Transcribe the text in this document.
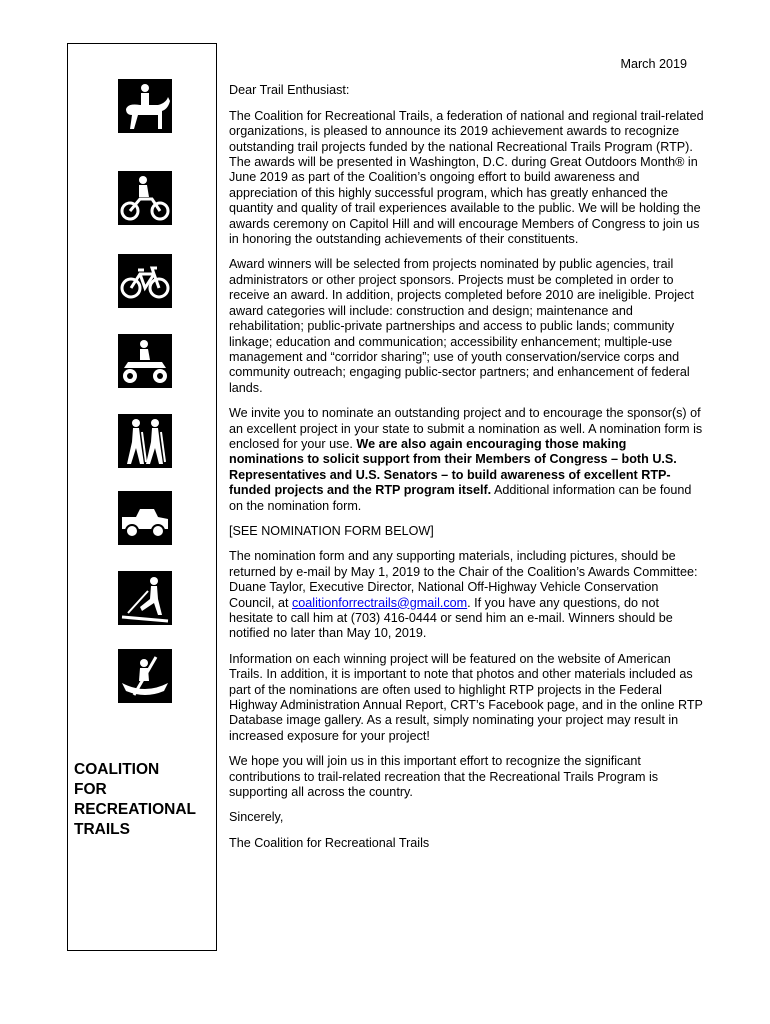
COALITION
FOR
RECREATIONAL
TRAILS

March 2019

Dear Trail Enthusiast:

The Coalition for Recreational Trails, a federation of national and regional trail-related organizations, is pleased to announce its 2019 achievement awards to recognize outstanding trail projects funded by the national Recreational Trails Program (RTP). The awards will be presented in Washington, D.C. during Great Outdoors Month® in June 2019 as part of the Coalition’s ongoing effort to build awareness and appreciation of this highly successful program, which has greatly enhanced the quantity and quality of trail experiences available to the public. We will be holding the awards ceremony on Capitol Hill and will encourage Members of Congress to join us in honoring the outstanding achievements of their constituents.

Award winners will be selected from projects nominated by public agencies, trail administrators or other project sponsors. Projects must be completed in order to receive an award. In addition, projects completed before 2010 are ineligible. Project award categories will include: construction and design; maintenance and rehabilitation; public-private partnerships and access to public lands; community linkage; education and communication; accessibility enhancement; multiple-use management and “corridor sharing”; use of youth conservation/service corps and community outreach; engaging public-sector partners; and enhancement of federal lands.

We invite you to nominate an outstanding project and to encourage the sponsor(s) of an excellent project in your state to submit a nomination as well. A nomination form is enclosed for your use. We are also again encouraging those making nominations to solicit support from their Members of Congress – both U.S. Representatives and U.S. Senators – to build awareness of excellent RTP-funded projects and the RTP program itself. Additional information can be found on the nomination form.

[SEE NOMINATION FORM BELOW]

The nomination form and any supporting materials, including pictures, should be returned by e-mail by May 1, 2019 to the Chair of the Coalition’s Awards Committee: Duane Taylor, Executive Director, National Off-Highway Vehicle Conservation Council, at coalitionforrectrails@gmail.com. If you have any questions, do not hesitate to call him at (703) 416-0444 or send him an e-mail. Winners should be notified no later than May 10, 2019.

Information on each winning project will be featured on the website of American Trails. In addition, it is important to note that photos and other materials included as part of the nominations are often used to highlight RTP projects in the Federal Highway Administration Annual Report, CRT’s Facebook page, and in the online RTP Database image gallery. As a result, simply nominating your project may result in increased exposure for your project!

We hope you will join us in this important effort to recognize the significant contributions to trail-related recreation that the Recreational Trails Program is supporting all across the country.

Sincerely,

The Coalition for Recreational Trails
